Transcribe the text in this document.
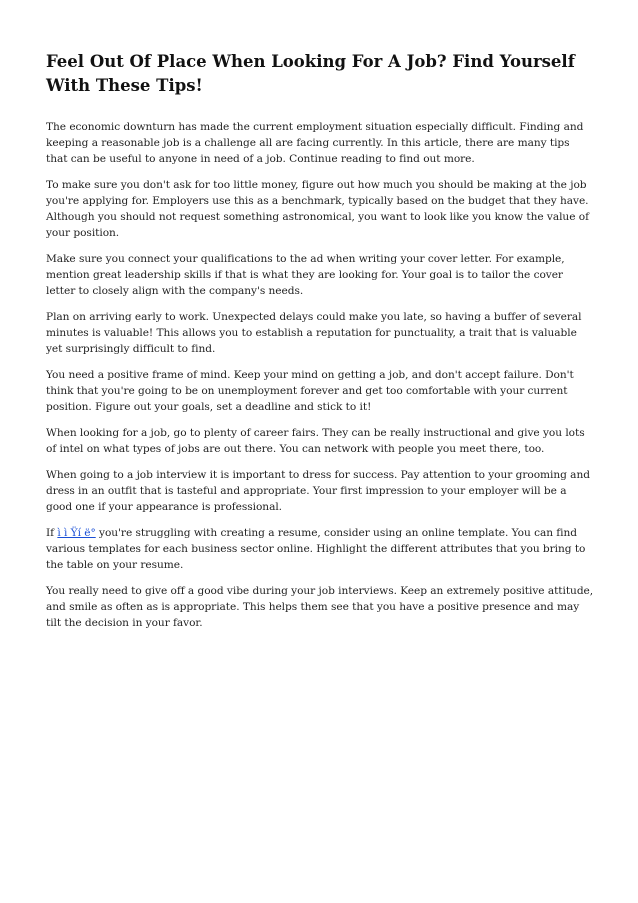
Feel Out Of Place When Looking For A Job? Find Yourself With These Tips!

The economic downturn has made the current employment situation especially difficult. Finding and keeping a reasonable job is a challenge all are facing currently. In this article, there are many tips that can be useful to anyone in need of a job. Continue reading to find out more.

To make sure you don't ask for too little money, figure out how much you should be making at the job you're applying for. Employers use this as a benchmark, typically based on the budget that they have. Although you should not request something astronomical, you want to look like you know the value of your position.

Make sure you connect your qualifications to the ad when writing your cover letter. For example, mention great leadership skills if that is what they are looking for. Your goal is to tailor the cover letter to closely align with the company's needs.

Plan on arriving early to work. Unexpected delays could make you late, so having a buffer of several minutes is valuable! This allows you to establish a reputation for punctuality, a trait that is valuable yet surprisingly difficult to find.

You need a positive frame of mind. Keep your mind on getting a job, and don't accept failure. Don't think that you're going to be on unemployment forever and get too comfortable with your current position. Figure out your goals, set a deadline and stick to it!

When looking for a job, go to plenty of career fairs. They can be really instructional and give you lots of intel on what types of jobs are out there. You can network with people you meet there, too.

When going to a job interview it is important to dress for success. Pay attention to your grooming and dress in an outfit that is tasteful and appropriate. Your first impression to your employer will be a good one if your appearance is professional.

If ì ì Ÿí ë° you're struggling with creating a resume, consider using an online template. You can find various templates for each business sector online. Highlight the different attributes that you bring to the table on your resume.

You really need to give off a good vibe during your job interviews. Keep an extremely positive attitude, and smile as often as is appropriate. This helps them see that you have a positive presence and may tilt the decision in your favor.
